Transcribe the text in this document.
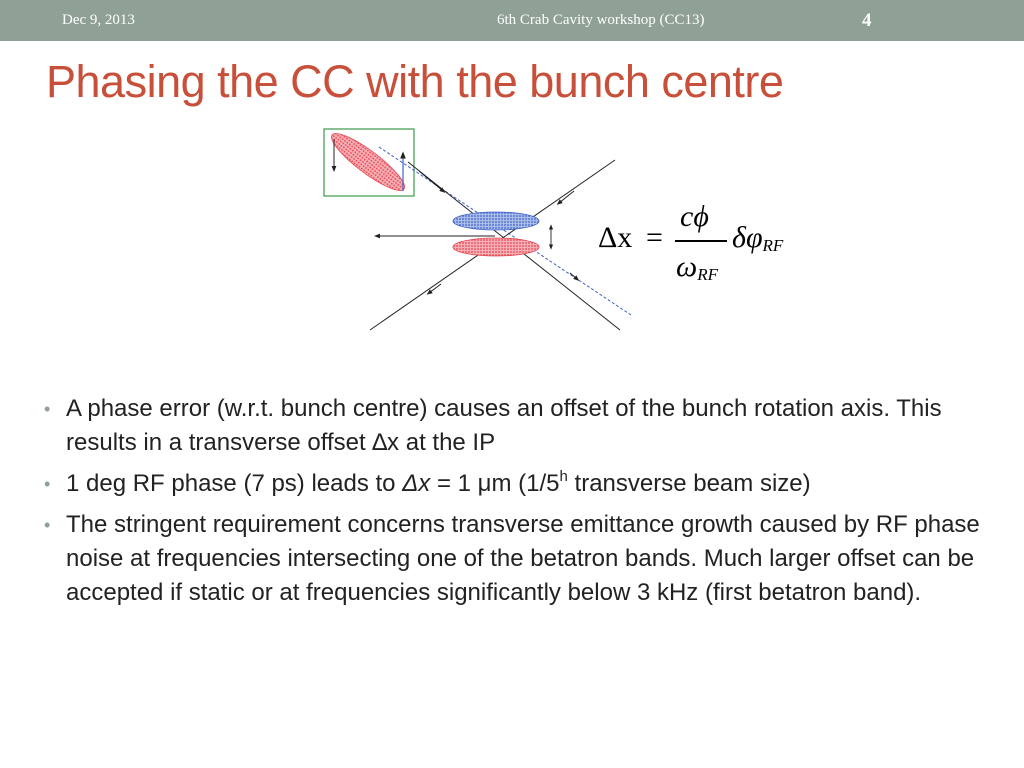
Dec 9, 2013	6th Crab Cavity workshop (CC13)	4
Phasing the CC with the bunch centre
Δx =
cϕ
$\omega_{RF}$
$\delta\varphi_{RF}$
• A phase error (w.r.t. bunch centre) causes an offset of the bunch rotation axis. This results in a transverse offset ∆x at the IP
• 1 deg RF phase (7 ps) leads to Δx = 1 μm (1/5$^h$ transverse beam size)
• The stringent requirement concerns transverse emittance growth caused by RF phase noise at frequencies intersecting one of the betatron bands. Much larger offset can be accepted if static or at frequencies significantly below 3 kHz (first betatron band).
